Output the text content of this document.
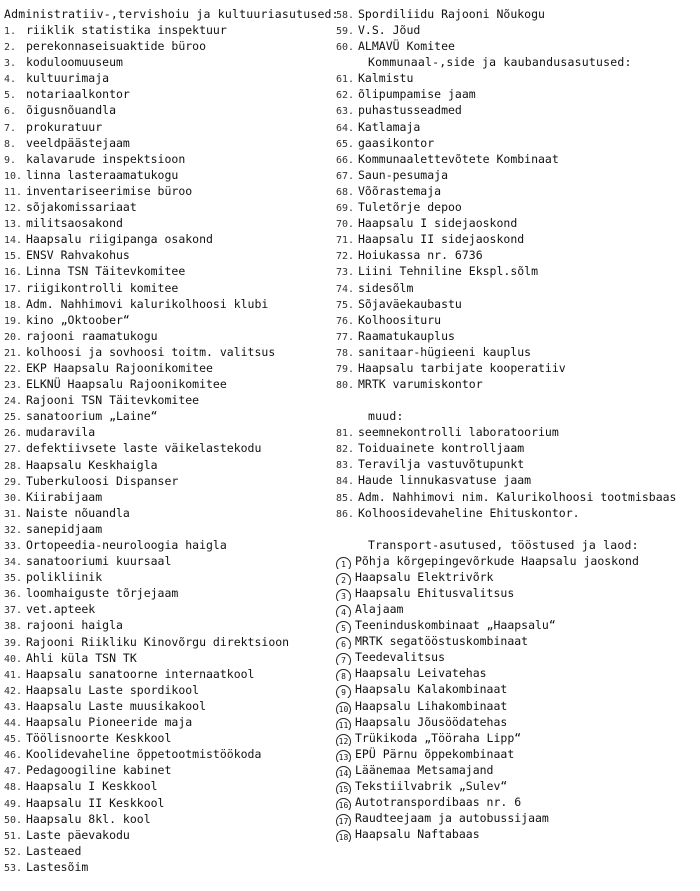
Administratiiv-,tervishoiu ja kultuuriasutused:
1. riiklik statistika inspektuur
2. perekonnaseisuaktide büroo
3. koduloomuuseum
4. kultuurimaja
5. notariaalkontor
6. õigusnõuandla
7. prokuratuur
8. veeldpäästejaam
9. kalavarude inspektsioon
10. linna lasteraamatukogu
11. inventariseerimise büroo
12. sõjakomissariaat
13. militsaosakond
14. Haapsalu riigipanga osakond
15. ENSV Rahvakohus
16. Linna TSN Täitevkomitee
17. riigikontrolli komitee
18. Adm. Nahhimovi kalurikolhoosi klubi
19. kino „Oktoober“
20. rajooni raamatukogu
21. kolhoosi ja sovhoosi toitm. valitsus
22. EKP Haapsalu Rajoonikomitee
23. ELKNÜ Haapsalu Rajoonikomitee
24. Rajooni TSN Täitevkomitee
25. sanatoorium „Laine“
26. mudaravila
27. defektiivsete laste väikelastekodu
28. Haapsalu Keskhaigla
29. Tuberkuloosi Dispanser
30. Kiirabijaam
31. Naiste nõuandla
32. sanepidjaam
33. Ortopeedia-neuroloogia haigla
34. sanatooriumi kuursaal
35. polikliinik
36. loomhaiguste tõrjejaam
37. vet.apteek
38. rajooni haigla
39. Rajooni Riikliku Kinovõrgu direktsioon
40. Ahli küla TSN TK
41. Haapsalu sanatoorne internaatkool
42. Haapsalu Laste spordikool
43. Haapsalu Laste muusikakool
44. Haapsalu Pioneeride maja
45. Töölisnoorte Keskkool
46. Koolidevaheline õppetootmistöökoda
47. Pedagoogiline kabinet
48. Haapsalu I Keskkool
49. Haapsalu II Keskkool
50. Haapsalu 8kl. kool
51. Laste päevakodu
52. Lasteaed
53. Lastesõim
58. Spordiliidu Rajooni Nõukogu
59. V.S. Jõud
60. ALMAVÜ Komitee
Kommunaal-,side ja kaubandusasutused:
61. Kalmistu
62. õlipumpamise jaam
63. puhastusseadmed
64. Katlamaja
65. gaasikontor
66. Kommunaalettevõtete Kombinaat
67. Saun-pesumaja
68. Võõrastemaja
69. Tuletõrje depoo
70. Haapsalu I sidejaoskond
71. Haapsalu II sidejaoskond
72. Hoiukassa nr. 6736
73. Liini Tehniline Ekspl.sõlm
74. sidesõlm
75. Sõjaväekaubastu
76. Kolhoosituru
77. Raamatukauplus
78. sanitaar-hügieeni kauplus
79. Haapsalu tarbijate kooperatiiv
80. MRTK varumiskontor
muud:
81. seemnekontrolli laboratoorium
82. Toiduainete kontrolljaam
83. Teravilja vastuvõtupunkt
84. Haude linnukasvatuse jaam
85. Adm. Nahhimovi nim. Kalurikolhoosi tootmisbaas
86. Kolhoosidevaheline Ehituskontor.
Transport-asutused, tööstused ja laod:
1 Põhja kõrgepingevõrkude Haapsalu jaoskond
2 Haapsalu Elektrivõrk
3 Haapsalu Ehitusvalitsus
4 Alajaam
5 Teeninduskombinaat „Haapsalu“
6 MRTK segatööstuskombinaat
7 Teedevalitsus
8 Haapsalu Leivatehas
9 Haapsalu Kalakombinaat
10 Haapsalu Lihakombinaat
11 Haapsalu Jõusöödatehas
12 Trükikoda „Tööraha Lipp“
13 EPÜ Pärnu õppekombinaat
14 Läänemaa Metsamajand
15 Tekstiilvabrik „Sulev“
16 Autotranspordibaas nr. 6
17 Raudteejaam ja autobussijaam
18 Haapsalu Naftabaas
